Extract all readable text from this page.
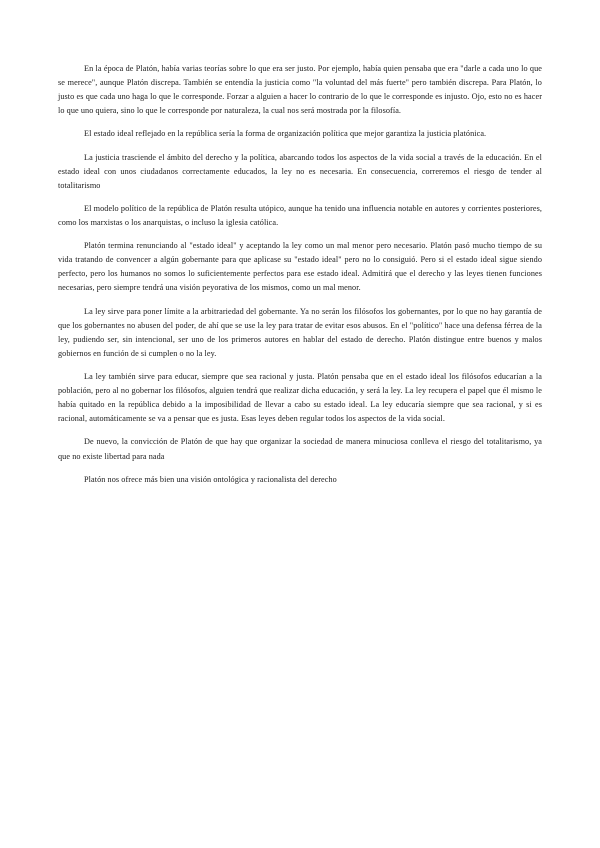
En la época de Platón, había varias teorías sobre lo que era ser justo. Por ejemplo, había quien pensaba que era "darle a cada uno lo que se merece", aunque Platón discrepa. También se entendía la justicia como "la voluntad del más fuerte" pero también discrepa. Para Platón, lo justo es que cada uno haga lo que le corresponde. Forzar a alguien a hacer lo contrario de lo que le corresponde es injusto. Ojo, esto no es hacer lo que uno quiera, sino lo que le corresponde por naturaleza, la cual nos será mostrada por la filosofía.

El estado ideal reflejado en la república sería la forma de organización política que mejor garantiza la justicia platónica.

La justicia trasciende el ámbito del derecho y la política, abarcando todos los aspectos de la vida social a través de la educación. En el estado ideal con unos ciudadanos correctamente educados, la ley no es necesaria. En consecuencia, correremos el riesgo de tender al totalitarismo

El modelo político de la república de Platón resulta utópico, aunque ha tenido una influencia notable en autores y corrientes posteriores, como los marxistas o los anarquistas, o incluso la iglesia católica.

Platón termina renunciando al "estado ideal" y aceptando la ley como un mal menor pero necesario. Platón pasó mucho tiempo de su vida tratando de convencer a algún gobernante para que aplicase su "estado ideal" pero no lo consiguió. Pero si el estado ideal sigue siendo perfecto, pero los humanos no somos lo suficientemente perfectos para ese estado ideal. Admitirá que el derecho y las leyes tienen funciones necesarias, pero siempre tendrá una visión peyorativa de los mismos, como un mal menor.

La ley sirve para poner límite a la arbitrariedad del gobernante. Ya no serán los filósofos los gobernantes, por lo que no hay garantía de que los gobernantes no abusen del poder, de ahí que se use la ley para tratar de evitar esos abusos. En el "político" hace una defensa férrea de la ley, pudiendo ser, sin intencional, ser uno de los primeros autores en hablar del estado de derecho. Platón distingue entre buenos y malos gobiernos en función de si cumplen o no la ley.

La ley también sirve para educar, siempre que sea racional y justa. Platón pensaba que en el estado ideal los filósofos educarían a la población, pero al no gobernar los filósofos, alguien tendrá que realizar dicha educación, y será la ley. La ley recupera el papel que él mismo le había quitado en la república debido a la imposibilidad de llevar a cabo su estado ideal. La ley educaría siempre que sea racional, y si es racional, automáticamente se va a pensar que es justa. Esas leyes deben regular todos los aspectos de la vida social.

De nuevo, la convicción de Platón de que hay que organizar la sociedad de manera minuciosa conlleva el riesgo del totalitarismo, ya que no existe libertad para nada

Platón nos ofrece más bien una visión ontológica y racionalista del derecho
